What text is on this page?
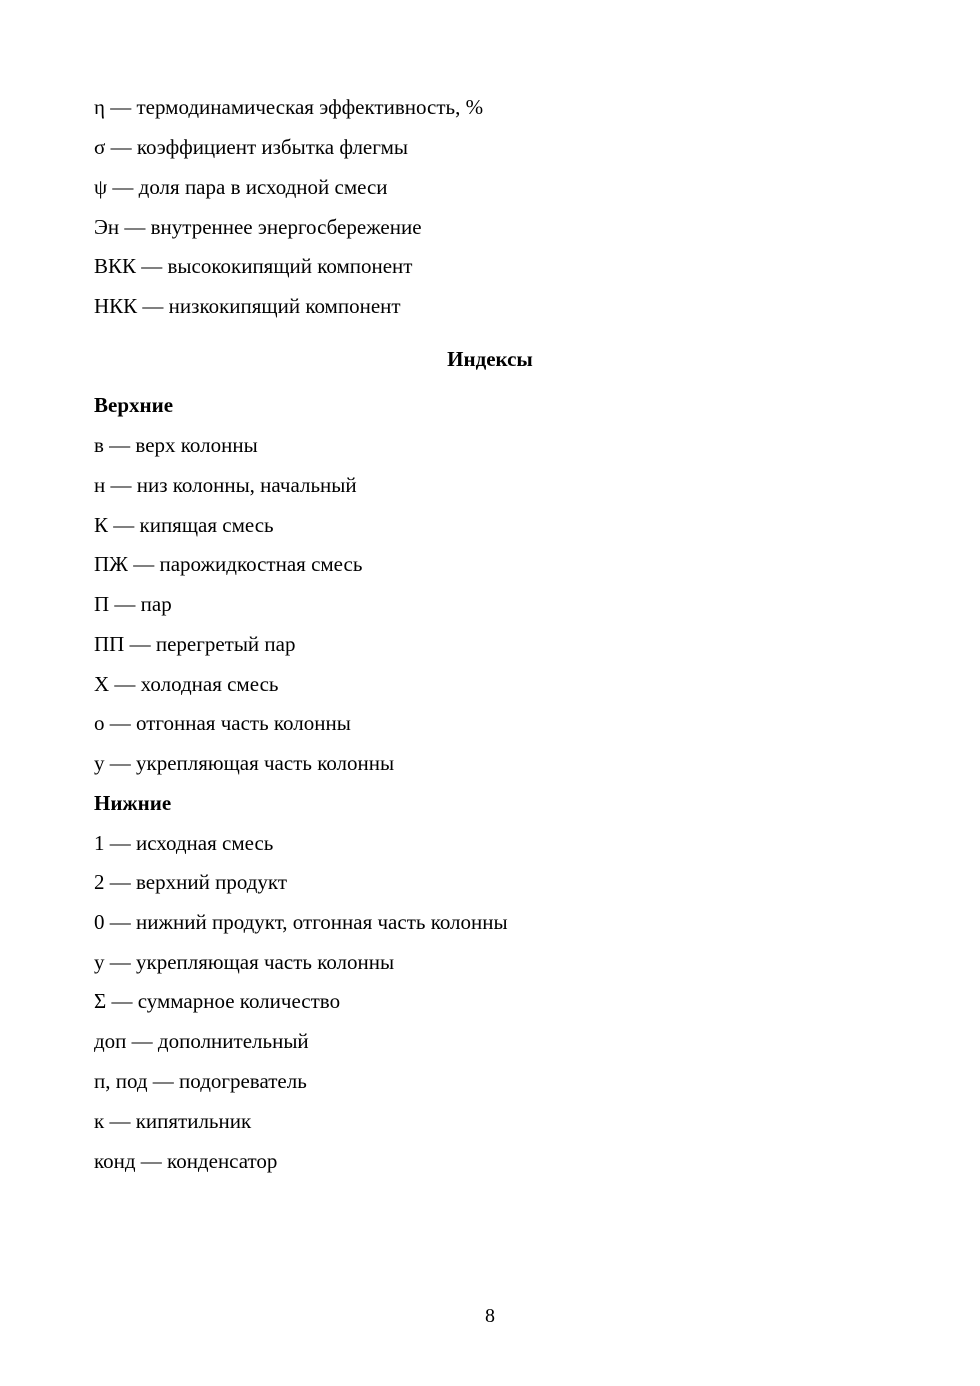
η — термодинамическая эффективность, %
σ — коэффициент избытка флегмы
ψ — доля пара в исходной смеси
Эн — внутреннее энергосбережение
ВКК — высококипящий компонент
НКК — низкокипящий компонент
Индексы
Верхние
в — верх колонны
н — низ колонны, начальный
К — кипящая смесь
ПЖ — парожидкостная смесь
П — пар
ПП — перегретый пар
Х — холодная смесь
о — отгонная часть колонны
у — укрепляющая часть колонны
Нижние
1 — исходная смесь
2 — верхний продукт
0 — нижний продукт, отгонная часть колонны
у — укрепляющая часть колонны
Σ — суммарное количество
доп — дополнительный
п, под — подогреватель
к — кипятильник
конд — конденсатор
8
